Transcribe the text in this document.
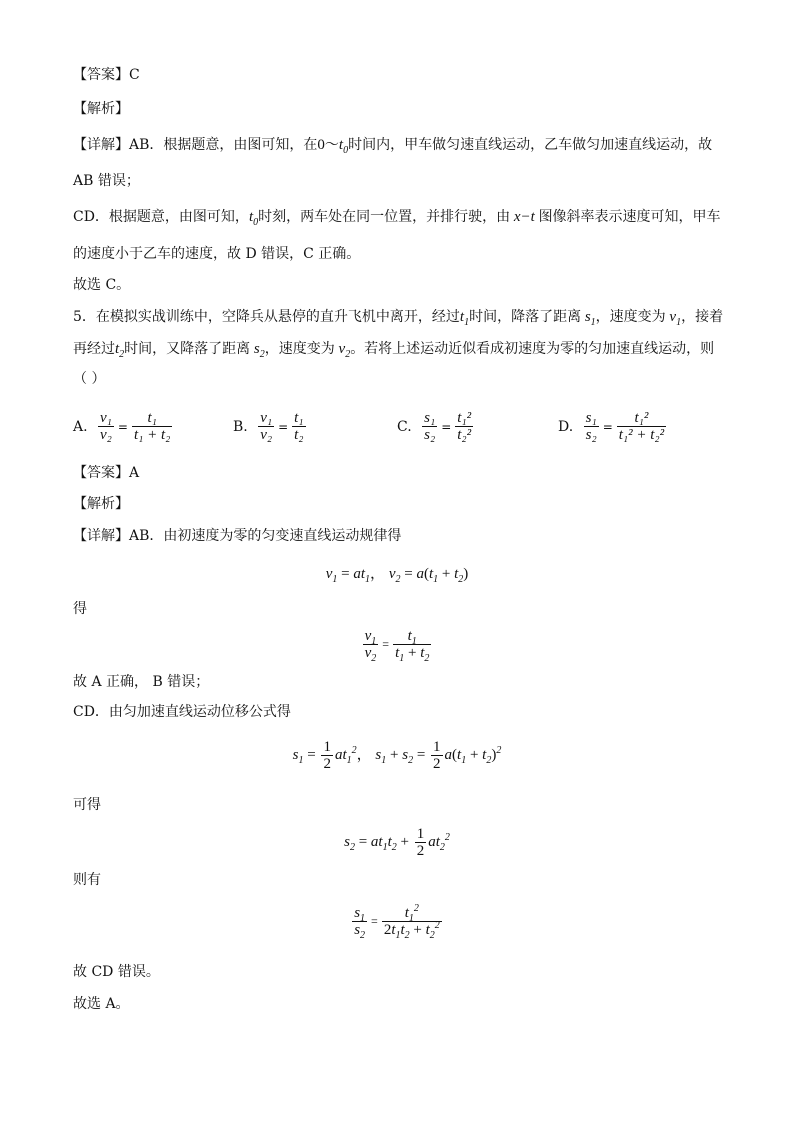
【答案】C
【解析】
【详解】AB．根据题意，由图可知，在$0\sim t_0$时间内，甲车做匀速直线运动，乙车做匀加速直线运动，故
AB 错误；
CD．根据题意，由图可知，$t_0$时刻，两车处在同一位置，并排行驶，由 x−t 图像斜率表示速度可知，甲车
的速度小于乙车的速度，故 D 错误，C 正确。
故选 C。
5．在模拟实战训练中，空降兵从悬停的直升飞机中离开，经过$t_1$时间，降落了距离 $s_1$，速度变为 $v_1$，接着
再经过$t_2$时间，又降落了距离 $s_2$，速度变为 $v_2$。若将上述运动近似看成初速度为零的匀加速直线运动，则
（ ）
A. $\frac{\text{v₁}}{\text{v₂}} = \frac{\text{t₁}}{\text{t₁ + t₂}}$	B. $\frac{\text{v₁}}{\text{v₂}} = \frac{\text{t₁}}{\text{t₂}}$	C. $\frac{\text{s₁}}{\text{s₂}} = \frac{\text{t₁²}}{\text{t₂²}}$	D. $\frac{\text{s₁}}{\text{s₂}} = \frac{\text{t₁²}}{\text{t₁² + t₂²}}$
【答案】A
【解析】
【详解】AB．由初速度为零的匀变速直线运动规律得
$v_1 = at_1$， $v_2 = a(t_1 + t_2)$
得
$\frac{v_1}{v_2} = \frac{t_1}{t_1 + t_2}$
故 A 正确， B 错误；
CD．由匀加速直线运动位移公式得
$s_1 = \frac{1}{2} at_1^2$， $s_1 + s_2 = \frac{1}{2} a(t_1 + t_2)^2$
可得
$s_2 = at_1t_2 + \frac{1}{2} at_2^2$
则有
$\frac{s_1}{s_2} = \frac{t_1^2}{2t_1t_2 + t_2^2}$
故 CD 错误。
故选 A。
